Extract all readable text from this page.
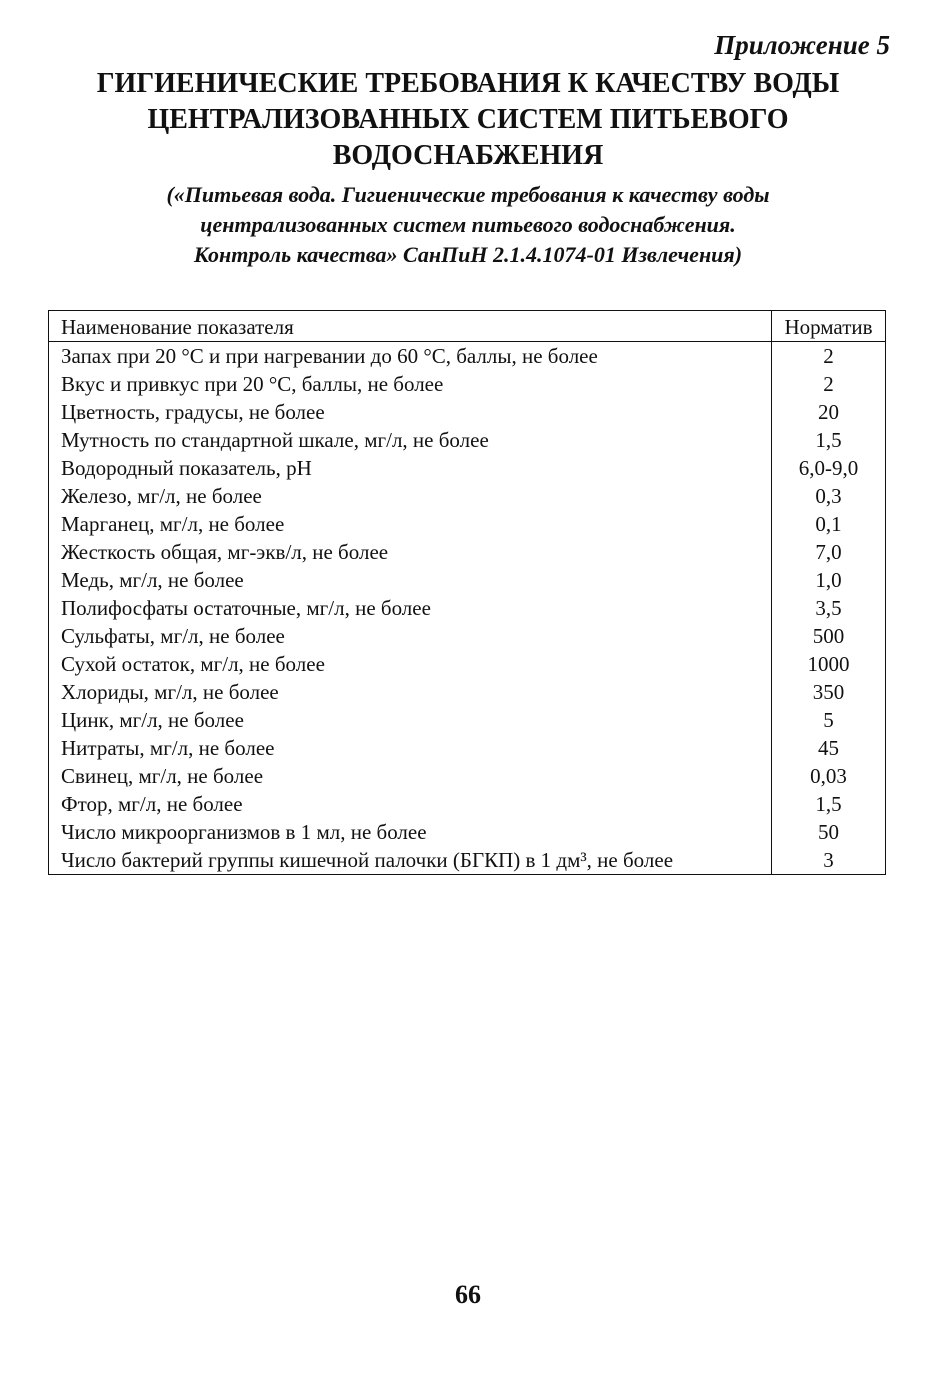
Приложение 5

ГИГИЕНИЧЕСКИЕ ТРЕБОВАНИЯ К КАЧЕСТВУ ВОДЫ
ЦЕНТРАЛИЗОВАННЫХ СИСТЕМ ПИТЬЕВОГО
ВОДОСНАБЖЕНИЯ

(«Питьевая вода. Гигиенические требования к качеству воды
централизованных систем питьевого водоснабжения.
Контроль качества» СанПиН 2.1.4.1074-01 Извлечения)

Наименование показателя	Норматив
Запах при 20 °С и при нагревании до 60 °С, баллы, не более	2
Вкус и привкус при 20 °С, баллы, не более	2
Цветность, градусы, не более	20
Мутность по стандартной шкале, мг/л, не более	1,5
Водородный показатель, pH	6,0-9,0
Железо, мг/л, не более	0,3
Марганец, мг/л, не более	0,1
Жесткость общая, мг-экв/л, не более	7,0
Медь, мг/л, не более	1,0
Полифосфаты остаточные, мг/л, не более	3,5
Сульфаты, мг/л, не более	500
Сухой остаток, мг/л, не более	1000
Хлориды, мг/л, не более	350
Цинк, мг/л, не более	5
Нитраты, мг/л, не более	45
Свинец, мг/л, не более	0,03
Фтор, мг/л, не более	1,5
Число микроорганизмов в 1 мл, не более	50
Число бактерий группы кишечной палочки (БГКП) в 1 дм³, не более	3

66
